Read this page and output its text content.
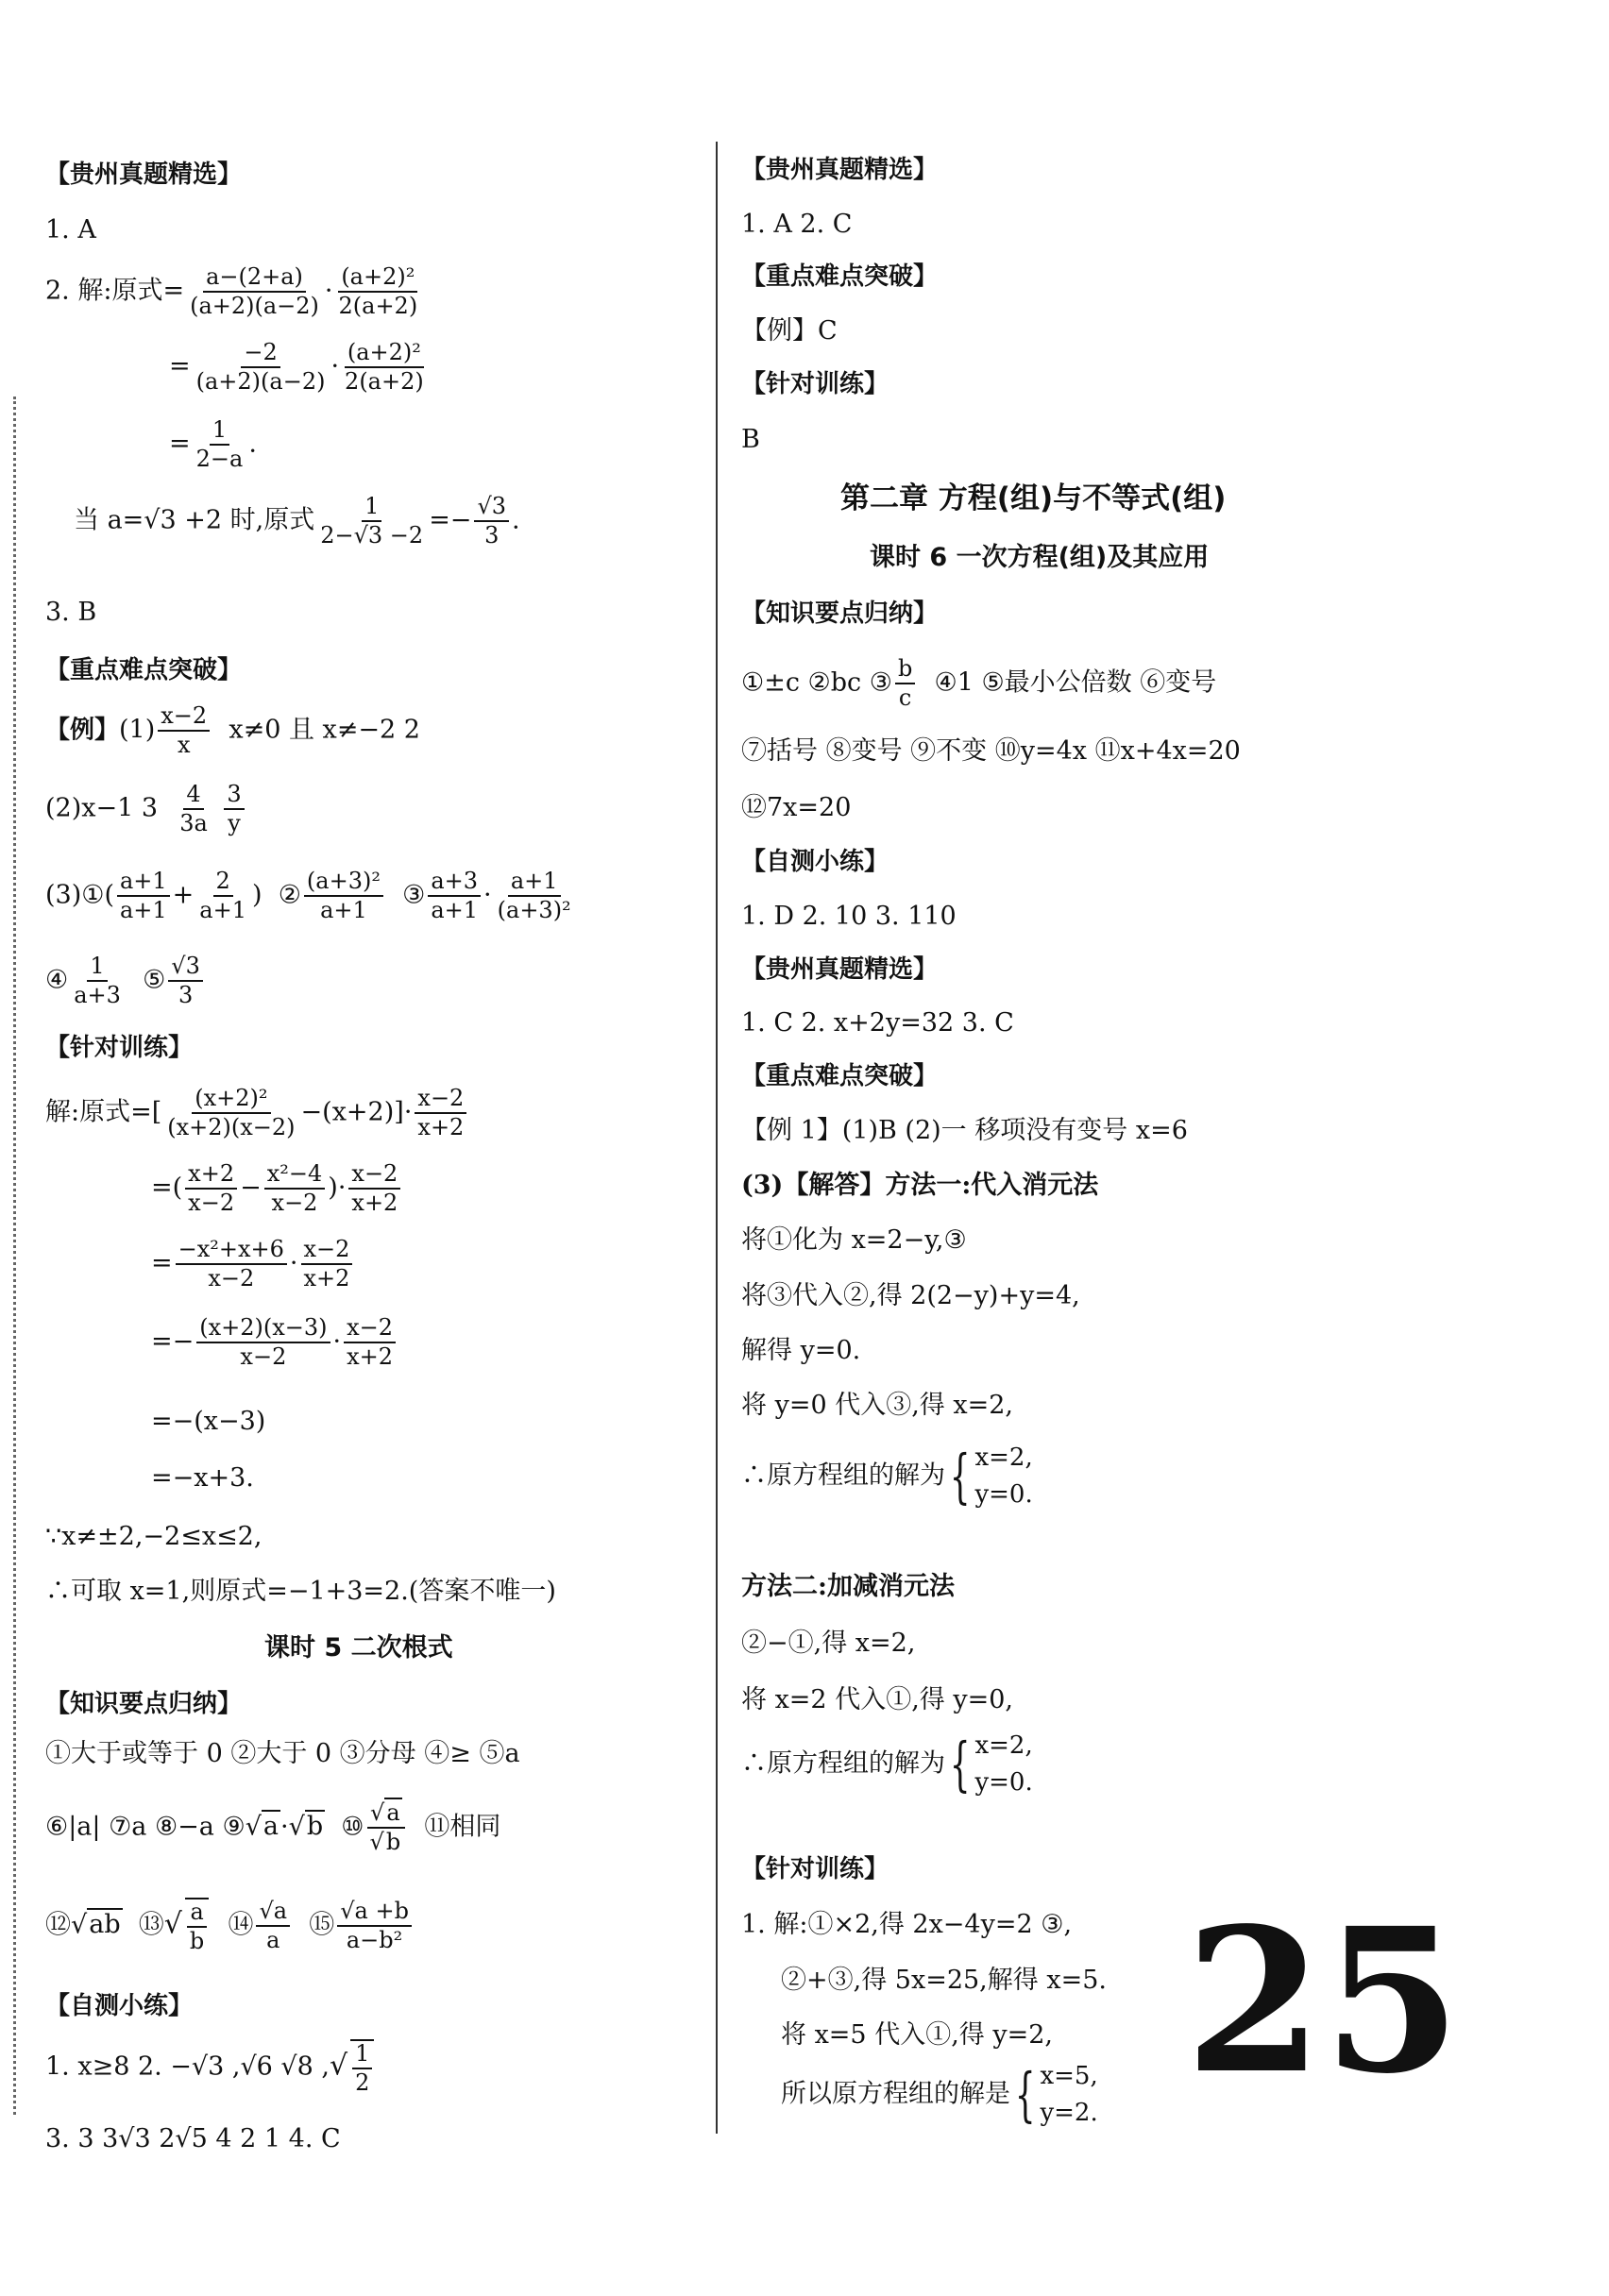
【贵州真题精选】
1. A
2. 解:原式= $\frac{a-(2+a)}{(a+2)(a-2)} \cdot \frac{\text{(a+2)²}}{2(a+2)}$
= $\frac{-2}{(a+2)(a-2)} \cdot \frac{\text{(a+2)²}}{2(a+2)}$
= $\frac{1}{2-a}$ .
当 a=√3 +2 时,原式 $\frac{1}{2-√3 -2} =- \frac{√3}{3}$ .
3. B
【重点难点突破】
【例】$(1) \frac{x-2}{x} x\ne 0$ 且 x≠−2 2
(2)x−1 $3 \frac{4}{3a}$
$\frac{3}{y}$
(3)①( $\frac{a+1}{a+1} + \frac{2}{a+1}$ ) ② $\frac{\text{(a+3)²}}{a+1}$ ③ $\frac{a+3}{a+1} \cdot \frac{a+1}{\text{(a+3)²}}$
④ $\frac{1}{a+3}$ ⑤ $\frac{√3}{3}$
【针对训练】
解:原式=[ $\frac{\text{(x+2)²}}{(x+2)(x-2)} -(x+2)]\cdot \frac{x-2}{x+2}$
=( $\frac{x+2}{x-2} - \frac{\text{x²−4}}{x-2}$ )· $\frac{x-2}{x+2}$
= $\frac{\text{−x²+x+6}}{x-2} \cdot \frac{x-2}{x+2}$
=− $\frac{(x+2)(x-3)}{x-2} \cdot \frac{x-2}{x+2}$
=−(x−3)
=−x+3.
∵x≠±2,−2≤x≤2,
∴可取 x=1,则原式=−1+3=2.(答案不唯一)
课时 5 二次根式
【知识要点归纳】
①大于或等于 0 ②大于 0 ③分母 ④≥ ⑤a
⑥|a| ⑦a ⑧−a ⑨√a·√b ⑩ $\frac{√a}{√b}$ ⑪相同
⑫√ab ⑬√ $\frac{a}{b}$ ⑭ $\frac{√a}{a}$ ⑮ $\frac{√a +b}{\text{a−b²}}$
【自测小练】
1. x≥8 2. −√3 ,√6 √8 ,√ $\frac{1}{2}$
3. 3 3√3 2√5 4 2 1 4. C
【贵州真题精选】
1. A 2. C
【重点难点突破】
【例】C
【针对训练】
B
第二章 方程(组)与不等式(组)
课时 6 一次方程(组)及其应用
【知识要点归纳】
①±c ②bc ③ $\frac{b}{c}$ ④1 ⑤最小公倍数 ⑥变号
⑦括号 ⑧变号 ⑨不变 ⑩y=4x ⑪x+4x=20
⑫7x=20
【自测小练】
1. D 2. 10 3. 110
【贵州真题精选】
1. C 2. x+2y=32 3. C
【重点难点突破】
【例 1】(1)B (2)一 移项没有变号 x=6
(3)【解答】方法一:代入消元法
将①化为 x=2−y,③
将③代入②,得 2(2−y)+y=4,
解得 y=0.
将 y=0 代入③,得 x=2,
∴原方程组的解为{ x=2,
y=0.
方法二:加减消元法
②−①,得 x=2,
将 x=2 代入①,得 y=0,
∴原方程组的解为{ x=2,
y=0.
【针对训练】
1. 解:①×2,得 2x−4y=2 ③,
②+③,得 5x=25,解得 x=5.
将 x=5 代入①,得 y=2,
所以原方程组的解是{ x=5,
y=2. 25
